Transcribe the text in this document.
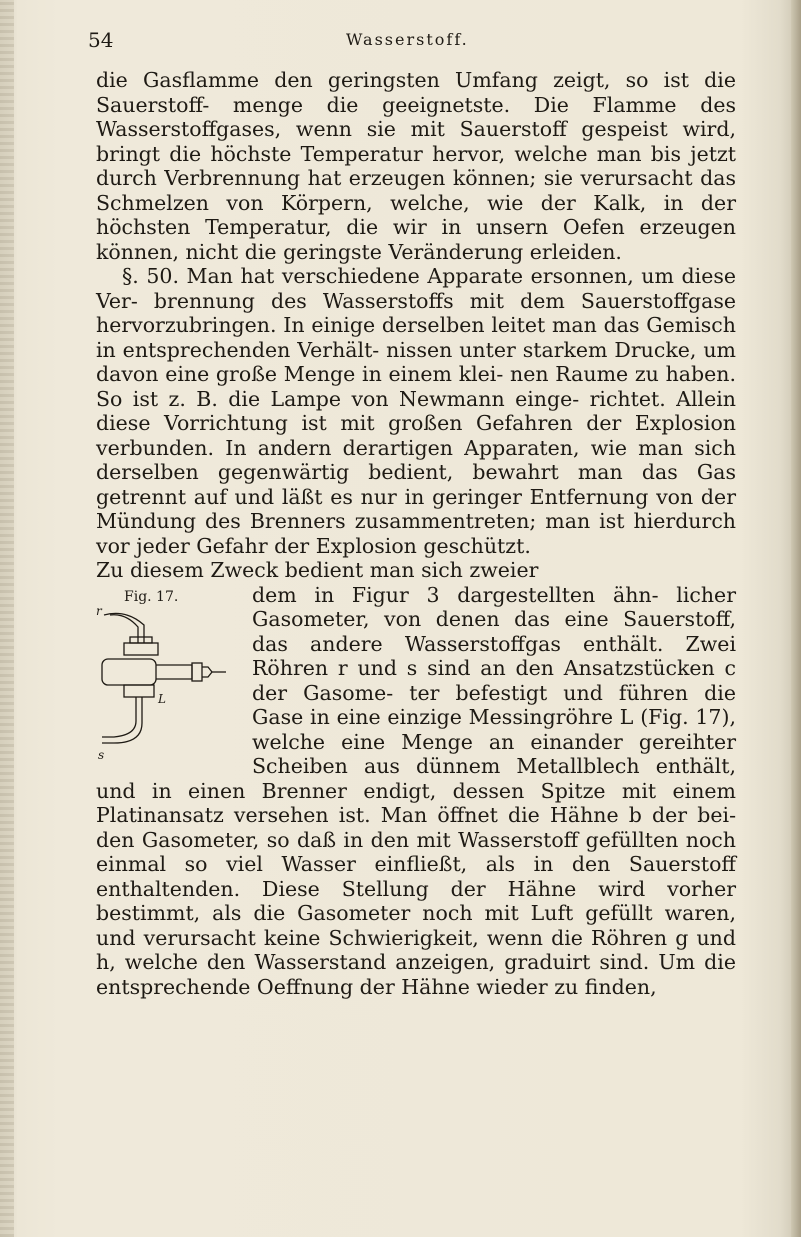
54	Wasserstoff.

die Gasflamme den geringsten Umfang zeigt, so ist die Sauerstoff- menge die geeignetste. Die Flamme des Wasserstoffgases, wenn sie mit Sauerstoff gespeist wird, bringt die höchste Temperatur hervor, welche man bis jetzt durch Verbrennung hat erzeugen können; sie verursacht das Schmelzen von Körpern, welche, wie der Kalk, in der höchsten Temperatur, die wir in unsern Oefen erzeugen können, nicht die geringste Veränderung erleiden.

§. 50. Man hat verschiedene Apparate ersonnen, um diese Ver- brennung des Wasserstoffs mit dem Sauerstoffgase hervorzubringen. In einige derselben leitet man das Gemisch in entsprechenden Verhält- nissen unter starkem Drucke, um davon eine große Menge in einem klei- nen Raume zu haben. So ist z. B. die Lampe von Newmann einge- richtet. Allein diese Vorrichtung ist mit großen Gefahren der Explosion verbunden. In andern derartigen Apparaten, wie man sich derselben gegenwärtig bedient, bewahrt man das Gas getrennt auf und läßt es nur in geringer Entfernung von der Mündung des Brenners zusammentreten; man ist hierdurch vor jeder Gefahr der Explosion geschützt.

Zu diesem Zweck bedient man sich zweier

Fig. 17.
r
L
s

dem in Figur 3 dargestellten ähn- licher Gasometer, von denen das eine Sauerstoff, das andere Wasserstoffgas enthält. Zwei Röhren r und s sind an den Ansatzstücken c der Gasome- ter befestigt und führen die Gase in eine einzige Messingröhre L (Fig. 17), welche eine Menge an einander gereihter Scheiben aus dünnem Metallblech enthält, und in einen Brenner endigt, dessen Spitze mit einem Platinansatz versehen ist. Man öffnet die Hähne b der bei- den Gasometer, so daß in den mit Wasserstoff gefüllten noch einmal so viel Wasser einfließt, als in den Sauerstoff enthaltenden. Diese Stellung der Hähne wird vorher bestimmt, als die Gasometer noch mit Luft gefüllt waren, und verursacht keine Schwierigkeit, wenn die Röhren g und h, welche den Wasserstand anzeigen, graduirt sind. Um die entsprechende Oeffnung der Hähne wieder zu finden,
